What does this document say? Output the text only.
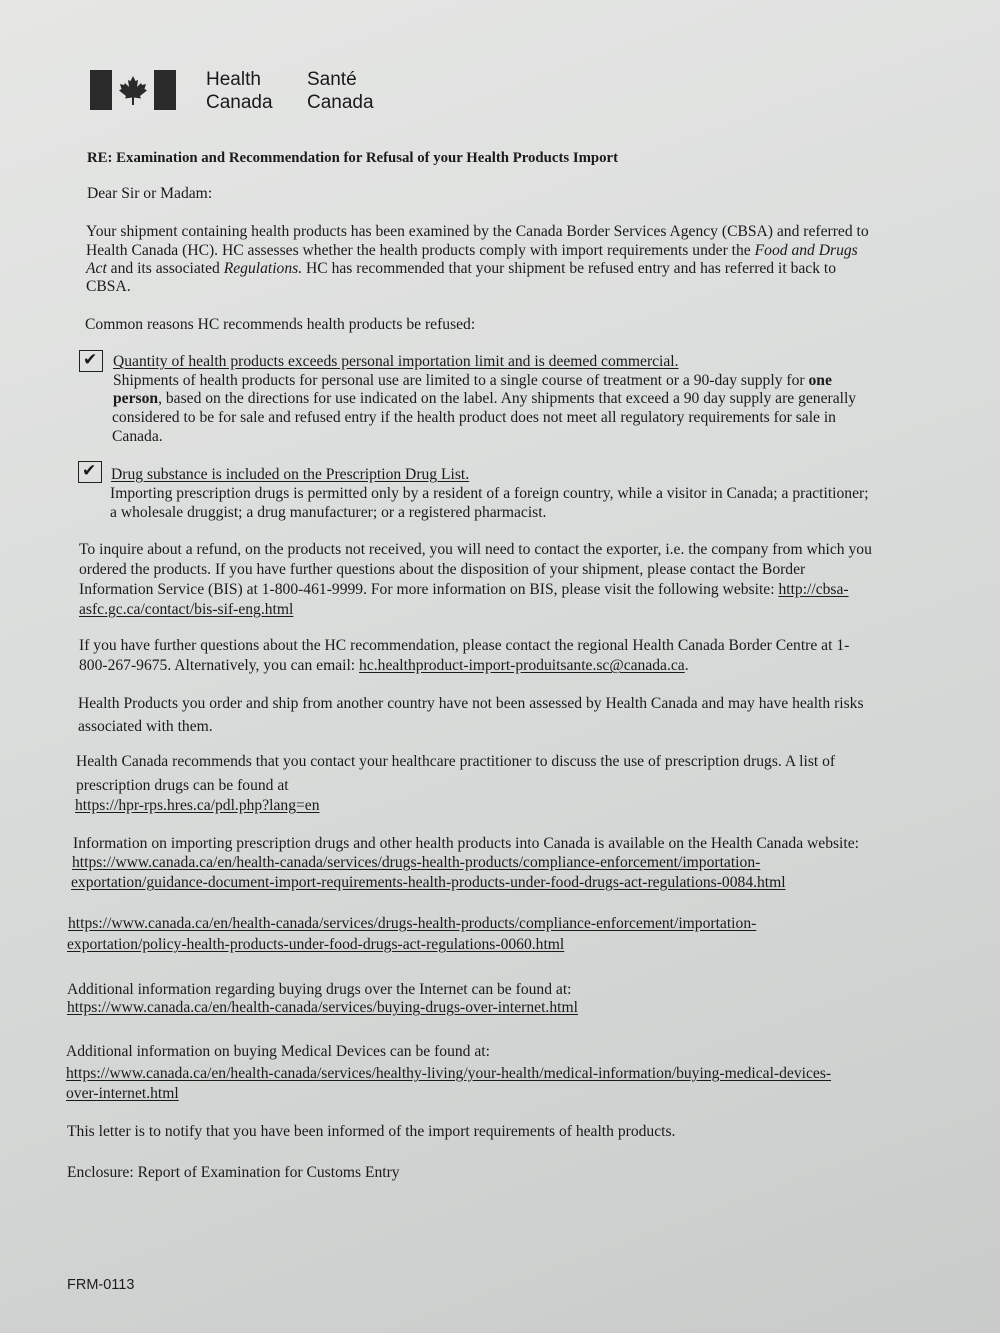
Health
Canada
Santé
Canada
RE: Examination and Recommendation for Refusal of your Health Products Import
Dear Sir or Madam:
Your shipment containing health products has been examined by the Canada Border Services Agency (CBSA) and referred to
Health Canada (HC). HC assesses whether the health products comply with import requirements under the Food and Drugs
Act and its associated Regulations. HC has recommended that your shipment be refused entry and has referred it back to
CBSA.
Common reasons HC recommends health products be refused:
✔ Quantity of health products exceeds personal importation limit and is deemed commercial.
Shipments of health products for personal use are limited to a single course of treatment or a 90-day supply for one
person, based on the directions for use indicated on the label. Any shipments that exceed a 90 day supply are generally
considered to be for sale and refused entry if the health product does not meet all regulatory requirements for sale in
Canada.
✔ Drug substance is included on the Prescription Drug List.
Importing prescription drugs is permitted only by a resident of a foreign country, while a visitor in Canada; a practitioner;
a wholesale druggist; a drug manufacturer; or a registered pharmacist.
To inquire about a refund, on the products not received, you will need to contact the exporter, i.e. the company from which you
ordered the products. If you have further questions about the disposition of your shipment, please contact the Border
Information Service (BIS) at 1-800-461-9999. For more information on BIS, please visit the following website: http://cbsa-
asfc.gc.ca/contact/bis-sif-eng.html
If you have further questions about the HC recommendation, please contact the regional Health Canada Border Centre at 1-
800-267-9675. Alternatively, you can email: hc.healthproduct-import-produitsante.sc@canada.ca.
Health Products you order and ship from another country have not been assessed by Health Canada and may have health risks
associated with them.
Health Canada recommends that you contact your healthcare practitioner to discuss the use of prescription drugs. A list of
prescription drugs can be found at
https://hpr-rps.hres.ca/pdl.php?lang=en
Information on importing prescription drugs and other health products into Canada is available on the Health Canada website:
https://www.canada.ca/en/health-canada/services/drugs-health-products/compliance-enforcement/importation-
exportation/guidance-document-import-requirements-health-products-under-food-drugs-act-regulations-0084.html
https://www.canada.ca/en/health-canada/services/drugs-health-products/compliance-enforcement/importation-
exportation/policy-health-products-under-food-drugs-act-regulations-0060.html
Additional information regarding buying drugs over the Internet can be found at:
https://www.canada.ca/en/health-canada/services/buying-drugs-over-internet.html
Additional information on buying Medical Devices can be found at:
https://www.canada.ca/en/health-canada/services/healthy-living/your-health/medical-information/buying-medical-devices-
over-internet.html
This letter is to notify that you have been informed of the import requirements of health products.
Enclosure: Report of Examination for Customs Entry
FRM-0113
